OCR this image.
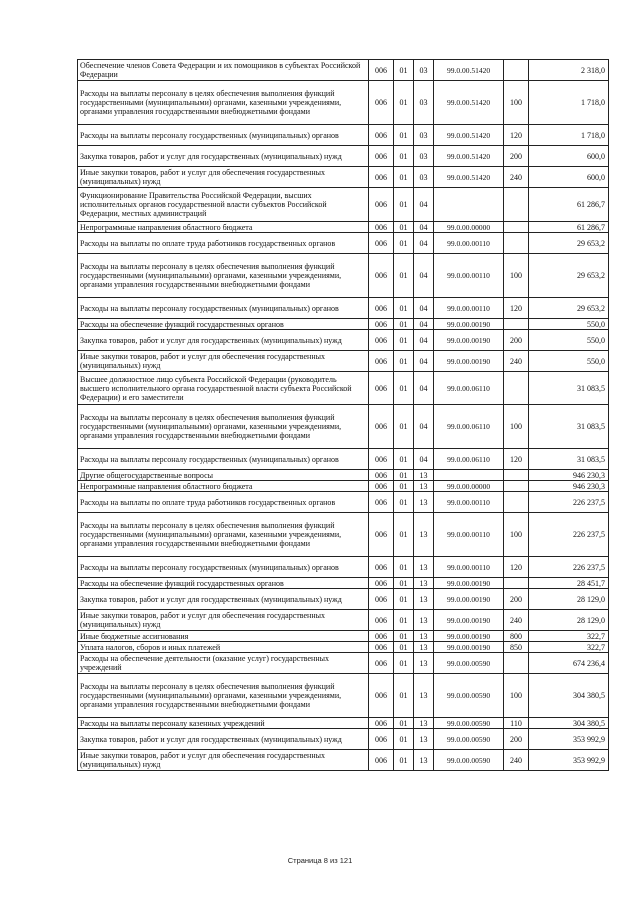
Обеспечение членов Совета Федерации и их помощников в субъектах Российской Федерации	006	01	03	99.0.00.51420		2 318,0
Расходы на выплаты персоналу в целях обеспечения выполнения функций государственными (муниципальными) органами, казенными учреждениями, органами управления государственными внебюджетными фондами	006	01	03	99.0.00.51420	100	1 718,0
Расходы на выплаты персоналу государственных (муниципальных) органов	006	01	03	99.0.00.51420	120	1 718,0
Закупка товаров, работ и услуг для государственных (муниципальных) нужд	006	01	03	99.0.00.51420	200	600,0
Иные закупки товаров, работ и услуг для обеспечения государственных (муниципальных) нужд	006	01	03	99.0.00.51420	240	600,0
Функционирование Правительства Российской Федерации, высших исполнительных органов государственной власти субъектов Российской Федерации, местных администраций	006	01	04			61 286,7
Непрограммные направления областного бюджета	006	01	04	99.0.00.00000		61 286,7
Расходы на выплаты по оплате труда работников государственных органов	006	01	04	99.0.00.00110		29 653,2
Расходы на выплаты персоналу в целях обеспечения выполнения функций государственными (муниципальными) органами, казенными учреждениями, органами управления государственными внебюджетными фондами	006	01	04	99.0.00.00110	100	29 653,2
Расходы на выплаты персоналу государственных (муниципальных) органов	006	01	04	99.0.00.00110	120	29 653,2
Расходы на обеспечение функций государственных органов	006	01	04	99.0.00.00190		550,0
Закупка товаров, работ и услуг для государственных (муниципальных) нужд	006	01	04	99.0.00.00190	200	550,0
Иные закупки товаров, работ и услуг для обеспечения государственных (муниципальных) нужд	006	01	04	99.0.00.00190	240	550,0
Высшее должностное лицо субъекта Российской Федерации (руководитель высшего исполнительного органа государственной власти субъекта Российской Федерации) и его заместители	006	01	04	99.0.00.06110		31 083,5
Расходы на выплаты персоналу в целях обеспечения выполнения функций государственными (муниципальными) органами, казенными учреждениями, органами управления государственными внебюджетными фондами	006	01	04	99.0.00.06110	100	31 083,5
Расходы на выплаты персоналу государственных (муниципальных) органов	006	01	04	99.0.00.06110	120	31 083,5
Другие общегосударственные вопросы	006	01	13			946 230,3
Непрограммные направления областного бюджета	006	01	13	99.0.00.00000		946 230,3
Расходы на выплаты по оплате труда работников государственных органов	006	01	13	99.0.00.00110		226 237,5
Расходы на выплаты персоналу в целях обеспечения выполнения функций государственными (муниципальными) органами, казенными учреждениями, органами управления государственными внебюджетными фондами	006	01	13	99.0.00.00110	100	226 237,5
Расходы на выплаты персоналу государственных (муниципальных) органов	006	01	13	99.0.00.00110	120	226 237,5
Расходы на обеспечение функций государственных органов	006	01	13	99.0.00.00190		28 451,7
Закупка товаров, работ и услуг для государственных (муниципальных) нужд	006	01	13	99.0.00.00190	200	28 129,0
Иные закупки товаров, работ и услуг для обеспечения государственных (муниципальных) нужд	006	01	13	99.0.00.00190	240	28 129,0
Иные бюджетные ассигнования	006	01	13	99.0.00.00190	800	322,7
Уплата налогов, сборов и иных платежей	006	01	13	99.0.00.00190	850	322,7
Расходы на обеспечение деятельности (оказание услуг) государственных учреждений	006	01	13	99.0.00.00590		674 236,4
Расходы на выплаты персоналу в целях обеспечения выполнения функций государственными (муниципальными) органами, казенными учреждениями, органами управления государственными внебюджетными фондами	006	01	13	99.0.00.00590	100	304 380,5
Расходы на выплаты персоналу казенных учреждений	006	01	13	99.0.00.00590	110	304 380,5
Закупка товаров, работ и услуг для государственных (муниципальных) нужд	006	01	13	99.0.00.00590	200	353 992,9
Иные закупки товаров, работ и услуг для обеспечения государственных (муниципальных) нужд	006	01	13	99.0.00.00590	240	353 992,9
Страница 8 из 121
